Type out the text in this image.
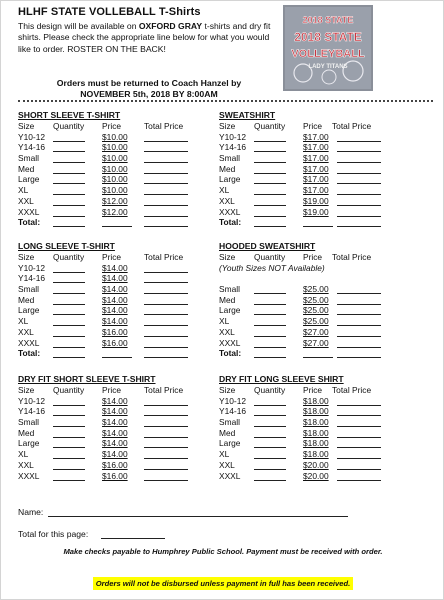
HLHF STATE VOLLEBALL T-Shirts
This design will be available on OXFORD GRAY t-shirts and dry fit shirts. Please check the appropriate line below for what you would like to order. ROSTER ON THE BACK!
Orders must be returned to Coach Hanzel by
NOVEMBER 5th, 2018 BY 8:00AM
2018 STATE
2018 STATE
VOLLEYBALL
LADY TITANS
SHORT SLEEVE T-SHIRT
Size Quantity Price	Total Price
Y10-12	$10.00
Y14-16	$10.00
Small	$10.00
Med	$10.00
Large	$10.00
XL	$10.00
XXL	$12.00
XXXL	$12.00
Total:
SWEATSHIRT
Size Quantity Price Total Price
Y10-12	$17.00
Y14-16	$17.00
Small	$17.00
Med	$17.00
Large	$17.00
XL	$17.00
XXL	$19.00
XXXL	$19.00
Total:
LONG SLEEVE T-SHIRT
Size Quantity Price	Total Price
Y10-12	$14.00
Y14-16	$14.00
Small	$14.00
Med	$14.00
Large	$14.00
XL	$14.00
XXL	$16.00
XXXL	$16.00
Total:
HOODED SWEATSHIRT
Size Quantity Price Total Price
(Youth Sizes NOT Available)
Small	$25.00
Med	$25.00
Large	$25.00
XL	$25.00
XXL	$27.00
XXXL	$27.00
Total:
DRY FIT SHORT SLEEVE T-SHIRT
Size Quantity Price	Total Price
Y10-12	$14.00
Y14-16	$14.00
Small	$14.00
Med	$14.00
Large	$14.00
XL	$14.00
XXL	$16.00
XXXL	$16.00
DRY FIT LONG SLEEVE SHIRT
Size Quantity Price Total Price
Y10-12	$18.00
Y14-16	$18.00
Small	$18.00
Med	$18.00
Large	$18.00
XL	$18.00
XXL	$20.00
XXXL	$20.00
Name:
Total for this page:
Make checks payable to Humphrey Public School. Payment must be received with order.
Orders will not be disbursed unless payment in full has been received.
